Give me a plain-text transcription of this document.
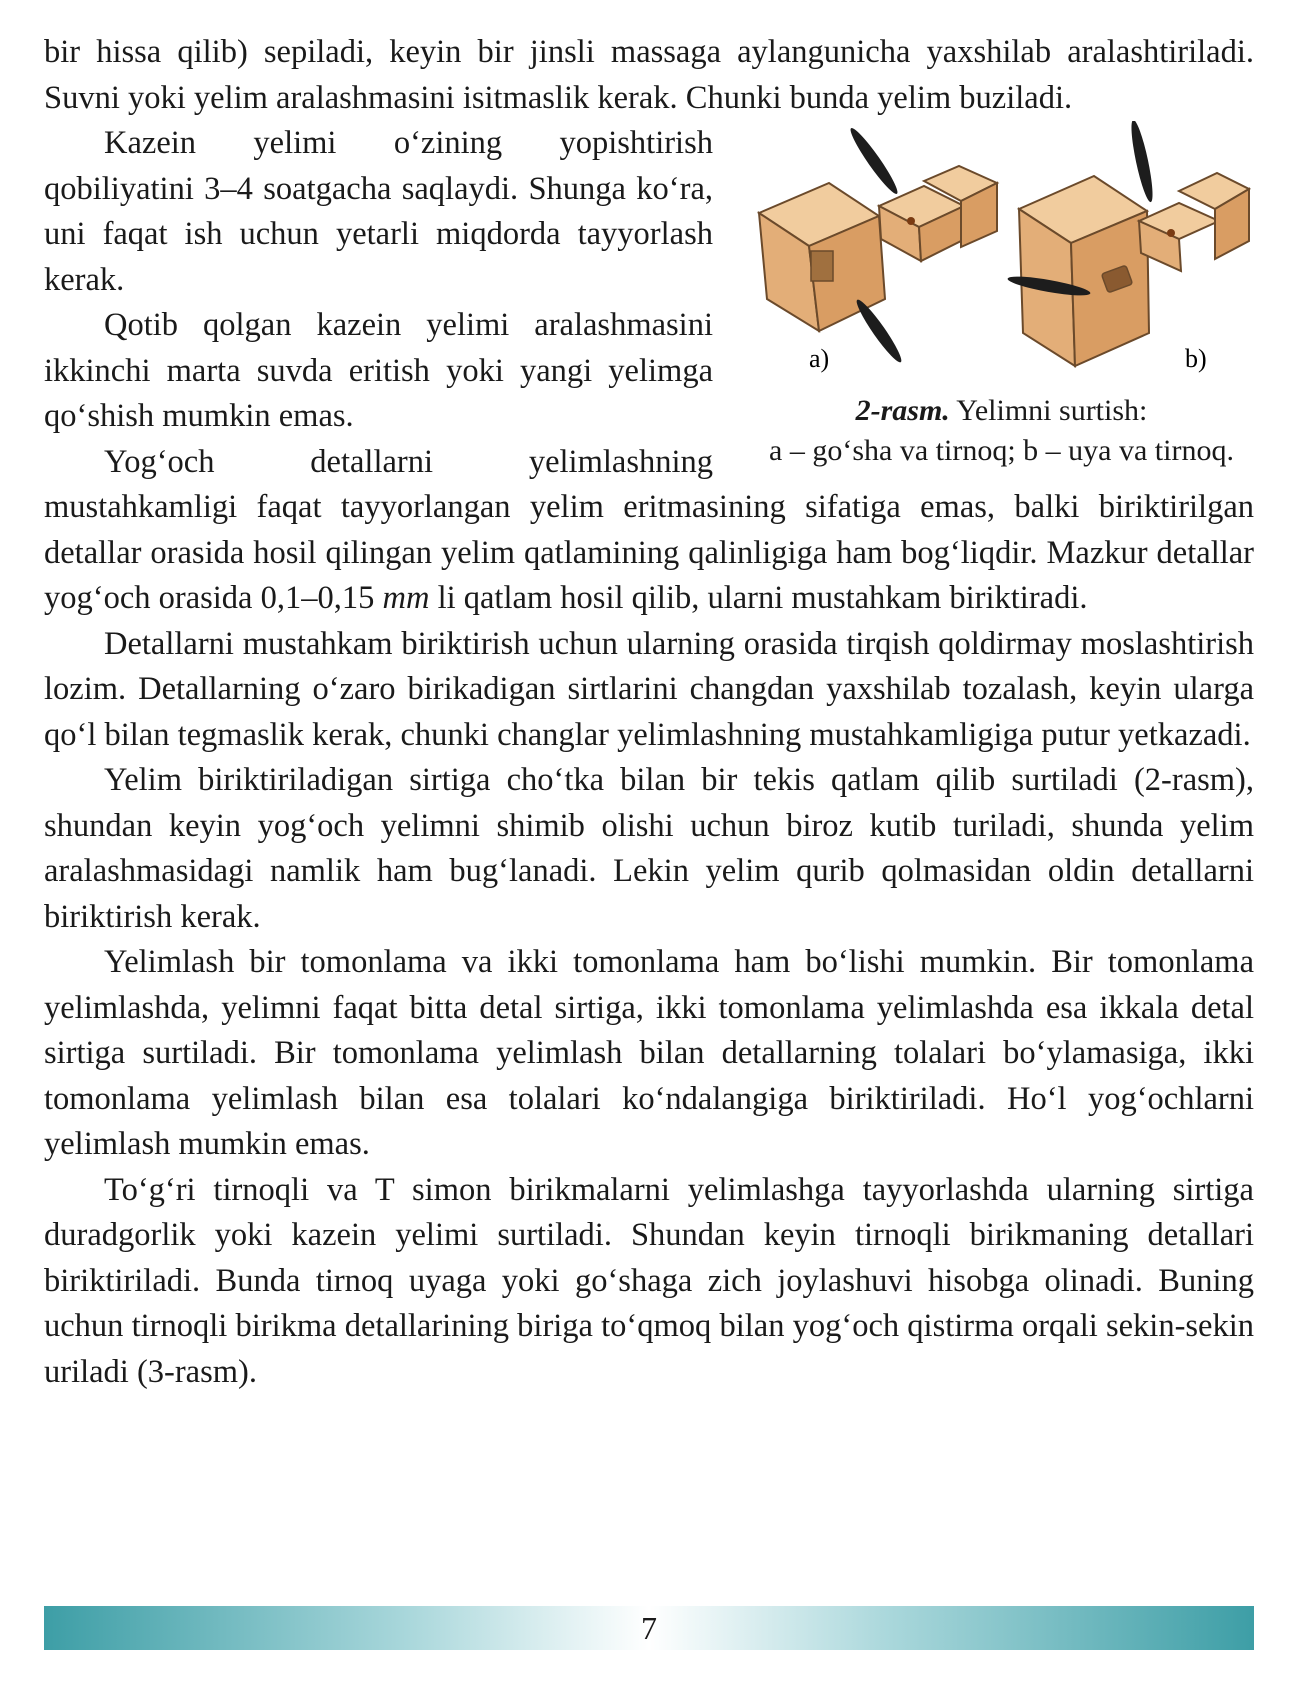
bir hissa qilib) sepiladi, keyin bir jinsli massaga aylangunicha yaxshilab aralashtiriladi. Suvni yoki yelim aralashmasini isitmaslik kerak. Chunki bunda yelim buziladi.

a)	b)
2-rasm. Yelimni surtish:
a – go‘sha va tirnoq; b – uya va tirnoq.

Kazein yelimi o‘zining yopishtirish qobiliyatini 3–4 soatgacha saqlaydi. Shunga ko‘ra, uni faqat ish uchun yetarli miqdorda tayyorlash kerak.

Qotib qolgan kazein yelimi aralashmasini ikkinchi marta suvda eritish yoki yangi yelimga qo‘shish mumkin emas.

Yog‘och detallarni yelimlashning mustahkamligi faqat tayyorlangan yelim eritmasining sifatiga emas, balki biriktirilgan detallar orasida hosil qilingan yelim qatlamining qalinligiga ham bog‘liqdir. Mazkur detallar yog‘och orasida 0,1–0,15 mm li qatlam hosil qilib, ularni mustahkam biriktiradi.

Detallarni mustahkam biriktirish uchun ularning orasida tirqish qoldirmay moslashtirish lozim. Detallarning o‘zaro birikadigan sirtlarini changdan yaxshilab tozalash, keyin ularga qo‘l bilan tegmaslik kerak, chunki changlar yelimlashning mustahkamligiga putur yetkazadi.

Yelim biriktiriladigan sirtiga cho‘tka bilan bir tekis qatlam qilib surtiladi (2-rasm), shundan keyin yog‘och yelimni shimib olishi uchun biroz kutib turiladi, shunda yelim aralashmasidagi namlik ham bug‘lanadi. Lekin yelim qurib qolmasidan oldin detallarni biriktirish kerak.

Yelimlash bir tomonlama va ikki tomonlama ham bo‘lishi mumkin. Bir tomonlama yelimlashda, yelimni faqat bitta detal sirtiga, ikki tomonlama yelimlashda esa ikkala detal sirtiga surtiladi. Bir tomonlama yelimlash bilan detallarning tolalari bo‘ylamasiga, ikki tomonlama yelimlash bilan esa tolalari ko‘ndalangiga biriktiriladi. Ho‘l yog‘ochlarni yelimlash mumkin emas.

To‘g‘ri tirnoqli va T simon birikmalarni yelimlashga tayyorlashda ularning sirtiga duradgorlik yoki kazein yelimi surtiladi. Shundan keyin tirnoqli birikmaning detallari biriktiriladi. Bunda tirnoq uyaga yoki go‘shaga zich joylashuvi hisobga olinadi. Buning uchun tirnoqli birikma detallarining biriga to‘qmoq bilan yog‘och qistirma orqali sekin-sekin uriladi (3-rasm).

7
